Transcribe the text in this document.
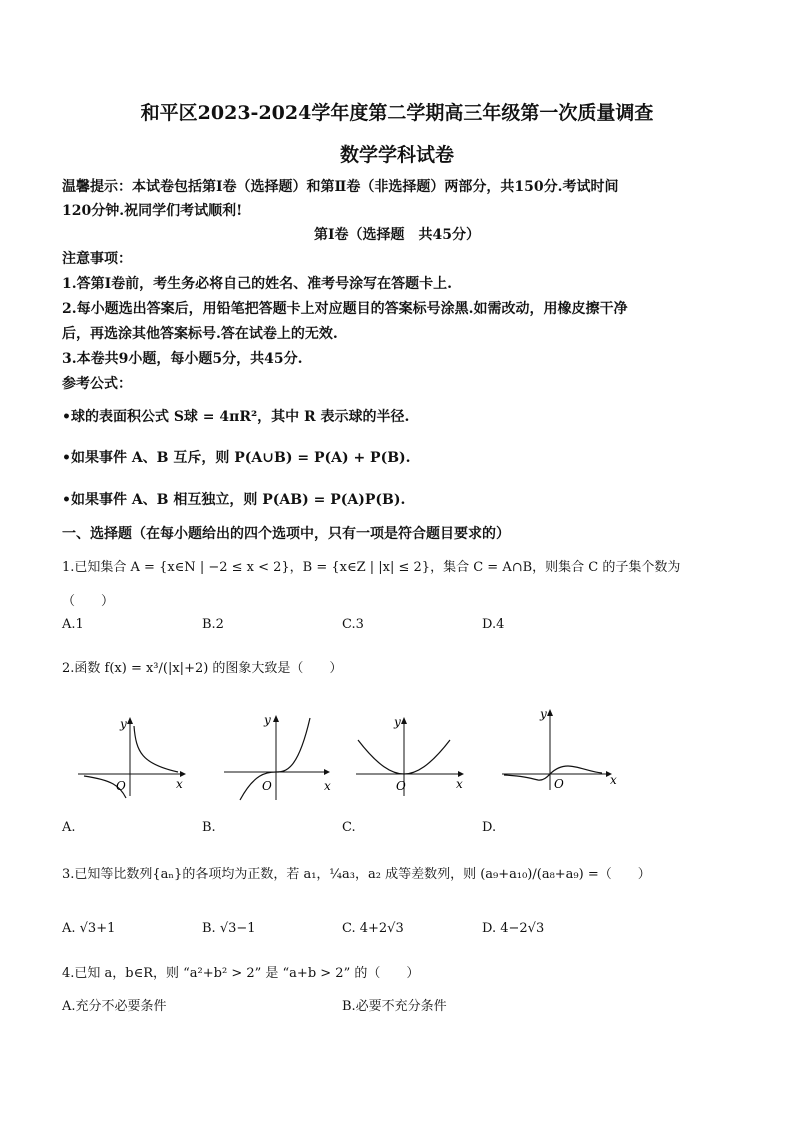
和平区2023-2024学年度第二学期高三年级第一次质量调查
数学学科试卷
温馨提示：本试卷包括第Ⅰ卷（选择题）和第Ⅱ卷（非选择题）两部分，共150分.考试时间
120分钟.祝同学们考试顺利!
第Ⅰ卷（选择题　共45分）
注意事项：
1.答第Ⅰ卷前，考生务必将自己的姓名、准考号涂写在答题卡上.
2.每小题选出答案后，用铅笔把答题卡上对应题目的答案标号涂黑.如需改动，用橡皮擦干净
后，再选涂其他答案标号.答在试卷上的无效.
3.本卷共9小题，每小题5分，共45分.
参考公式：
•球的表面积公式 S球 = 4πR²，其中 R 表示球的半径.
•如果事件 A、B 互斥，则 P(A∪B) = P(A) + P(B).
•如果事件 A、B 相互独立，则 P(AB) = P(A)P(B).
一、选择题（在每小题给出的四个选项中，只有一项是符合题目要求的）
1.已知集合 A = {x∈N | −2 ≤ x < 2}，B = {x∈Z | |x| ≤ 2}，集合 C = A∩B，则集合 C 的子集个数为
（　　）
A.1	B.2	C.3	D.4
2.函数 f(x) = x³/(|x|+2) 的图象大致是（　　）
y
O	x
A.
y
O	x
B.
y
O	x
C.
y
O	x
D.
3.已知等比数列{aₙ}的各项均为正数，若 a₁，¼a₃，a₂ 成等差数列，则 (a₉+a₁₀)/(a₈+a₉) =（　　）
A. √3+1	B. √3−1	C. 4+2√3	D. 4−2√3
4.已知 a，b∈R，则 “a²+b² > 2” 是 “a+b > 2” 的（　　）
A.充分不必要条件	B.必要不充分条件
